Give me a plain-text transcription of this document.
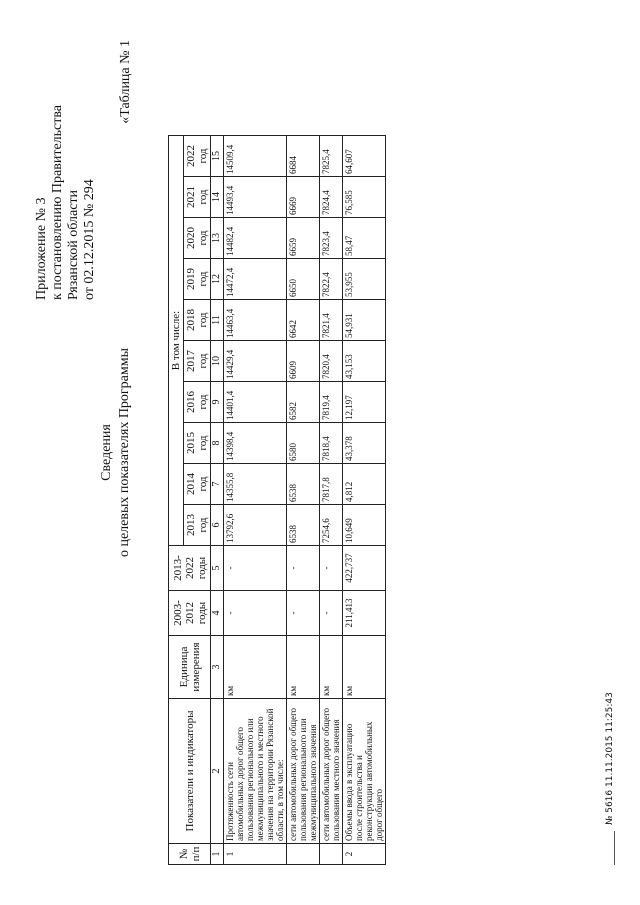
Приложение № 3 к постановлению Правительства Рязанской области от 02.12.2015 № 294
«Таблица № 1
Сведения о целевых показателях Программы
№ п/п	Показатели и индикаторы	Единица измерения	2003-2012 годы	2013-2022 годы	В том числе:									
					2013 год	2014 год	2015 год	2016 год	2017 год	2018 год	2019 год	2020 год	2021 год	2022 год
1	2	3	4	5	6	7	8	9	10	11	12	13	14	15
1	Протяженность сети автомобильных дорог общего пользования регионального или межмуниципального и местного значения на территории Рязанской области, в том числе:	км	-	-	13792,6	14355,8	14398,4	14401,4	14429,4	14463,4	14472,4	14482,4	14493,4	14509,4
	сети автомобильных дорог общего пользования регионального или межмуниципального значения	км	-	-	6538	6538	6580	6582	6609	6642	6650	6659	6669	6684
	сети автомобильных дорог общего пользования местного значения	км	-	-	7254,6	7817,8	7818,4	7819,4	7820,4	7821,4	7822,4	7823,4	7824,4	7825,4
2	Объемы ввода в эксплуатацию после строительства и реконструкции автомобильных дорог общего	км	211,413	422,737	10,649	4,812	43,378	12,197	43,153	54,931	53,955	58,47	76,585	64,607
№ 5616 11.11.2015 11:25:43
